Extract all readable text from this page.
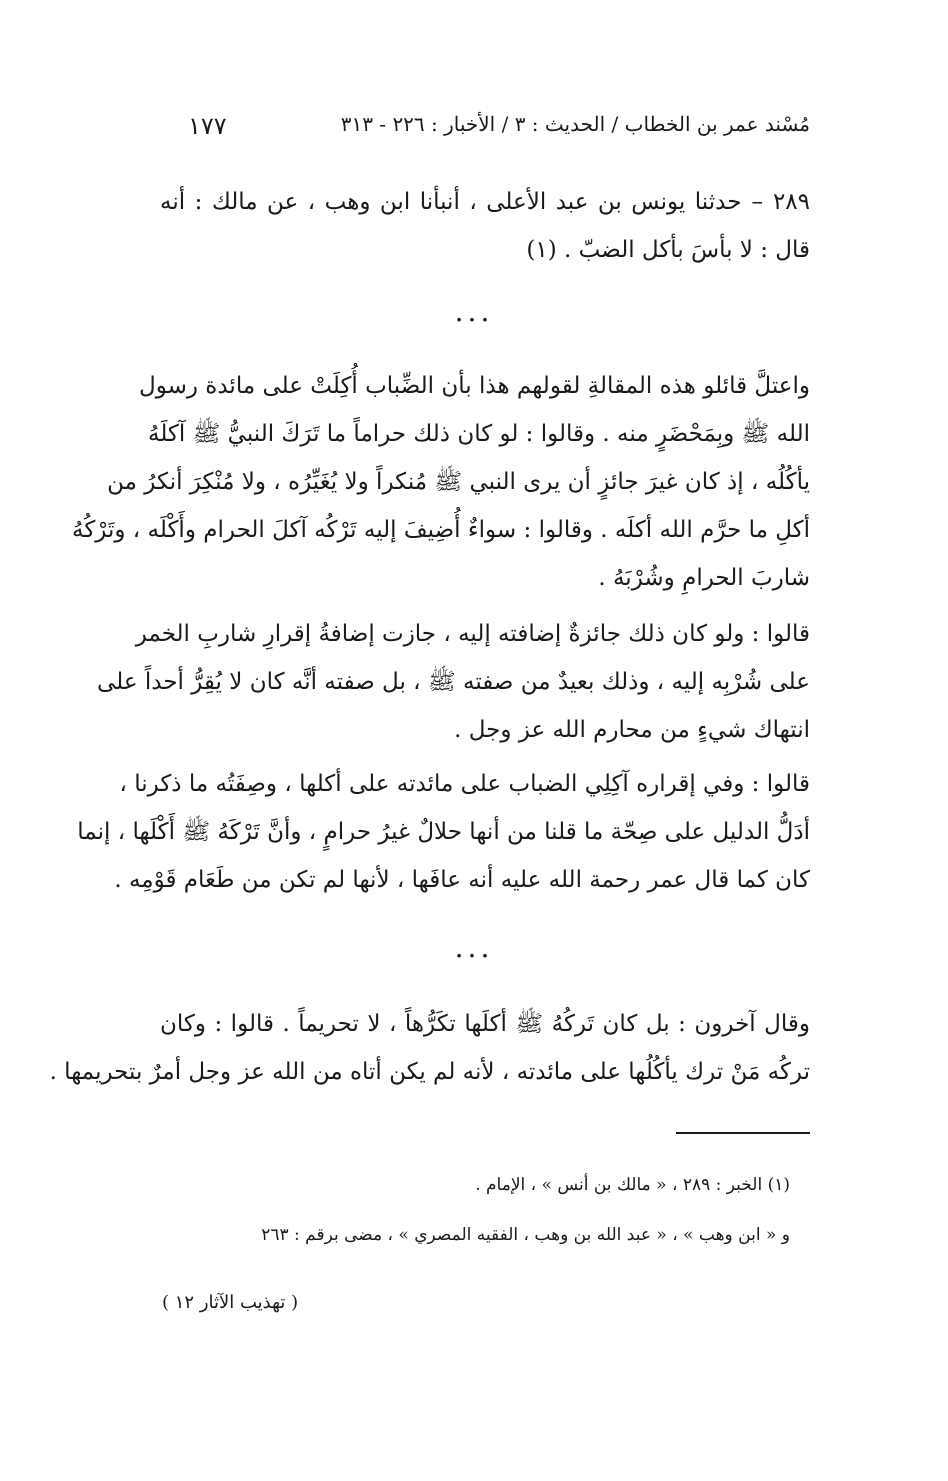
مُسْند عمر بن الخطاب / الحديث : ٣ / الأخبار : ٢٢٦ - ٣١٣
١٧٧
٢٨٩–حدثنا يونس بن عبد الأعلى ، أنبأنا ابن وهب ، عن مالك : أنه
قال : لا بأسَ بأكل الضبّ . (١)
...
واعتلَّ قائلو هذه المقالةِ لقولهم هذا بأن الضِّباب أُكِلَتْ على مائدة رسول
الله ﷺ وبِمَحْضَرٍ منه . وقالوا : لو كان ذلك حراماً ما تَرَكَ النبيُّ ﷺ آكلَهُ
يأكُلُه ، إذ كان غيرَ جائزٍ أن يرى النبي ﷺ مُنكراً ولا يُغَيِّرُه ، ولا مُنْكِرَ أنكرُ من
أكلِ ما حرَّم الله أكلَه . وقالوا : سواءٌ أُضِيفَ إليه تَرْكُه آكلَ الحرام وأَكْلَه ، وتَرْكُهُ
شاربَ الحرامِ وشُرْبَهُ .
قالوا : ولو كان ذلك جائزةٌ إضافته إليه ، جازت إضافةُ إقرارِ شاربِ الخمر
على شُرْبِه إليه ، وذلك بعيدٌ من صفته ﷺ ، بل صفته أنَّه كان لا يُقِرُّ أحداً على
انتهاك شيءٍ من محارم الله عز وجل .
قالوا : وفي إقراره آكِلِي الضباب على مائدته على أكلها ، وصِفَتُه ما ذكرنا ،
أدَلُّ الدليل على صِحّة ما قلنا من أنها حلالٌ غيرُ حرامٍ ، وأنَّ تَرْكَهُ ﷺ أَكْلَها ، إنما
كان كما قال عمر رحمة الله عليه أنه عافَها ، لأنها لم تكن من طَعَام قَوْمِه .
...
وقال آخرون : بل كان تَركُهُ ﷺ أكلَها تكَرُّهاً ، لا تحريماً . قالوا : وكان
تركُه مَنْ ترك يأكُلُها على مائدته ، لأنه لم يكن أتاه من الله عز وجل أمرٌ بتحريمها .
(١) الخبر : ٢٨٩ ، « مالك بن أنس » ، الإمام .
و « ابن وهب » ، « عبد الله بن وهب ، الفقيه المصري » ، مضى برقم : ٢٦٣
( تهذيب الآثار ١٢ )
